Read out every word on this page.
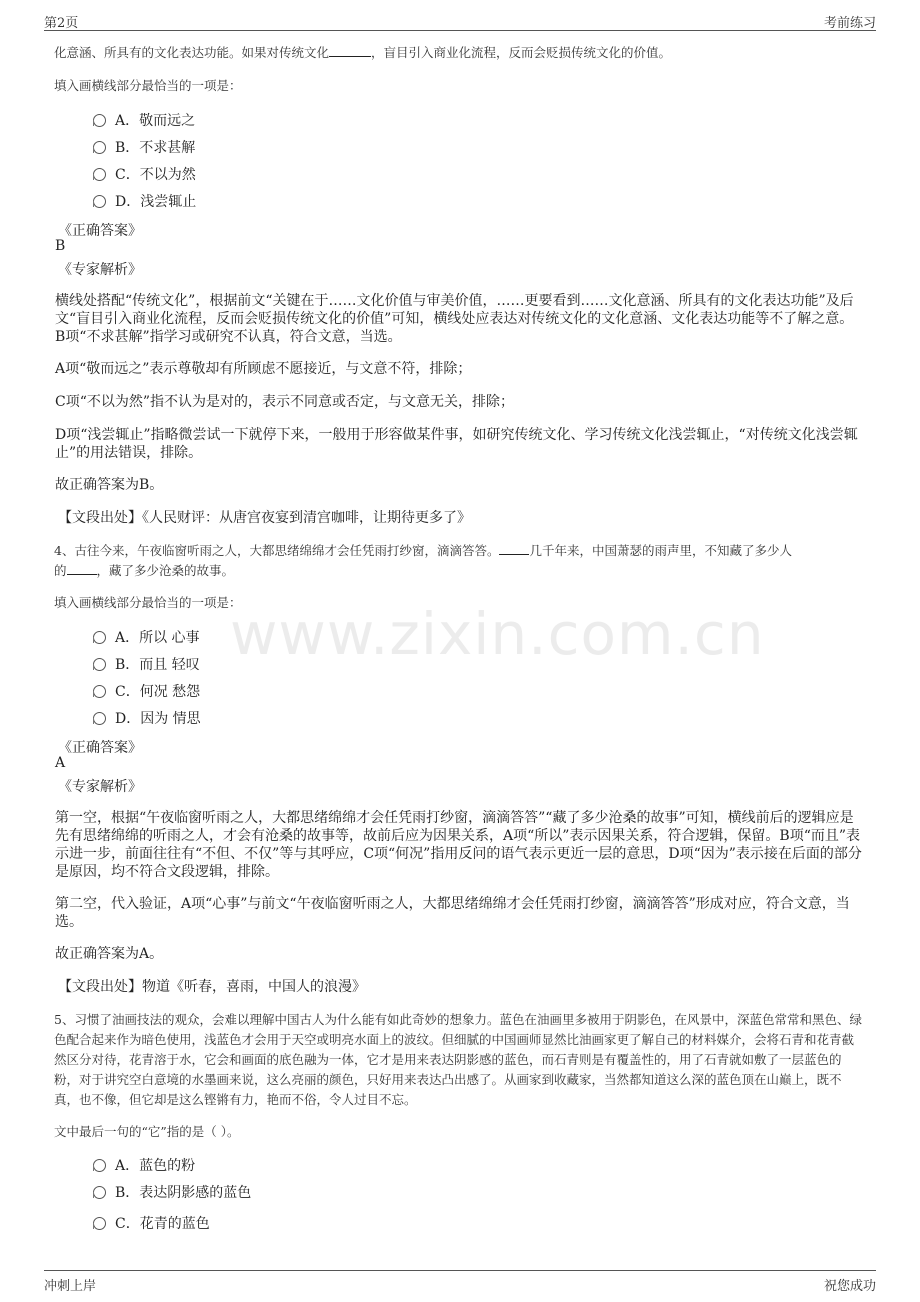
第2页	考前练习
www.zixin.com.cn
化意涵、所具有的文化表达功能。如果对传统文化	，盲目引入商业化流程，反而会贬损传统文化的价值。
填入画横线部分最恰当的一项是：
A．敬而远之
B．不求甚解
C．不以为然
D．浅尝辄止
《正确答案》
B
《专家解析》
横线处搭配“传统文化”，根据前文“关键在于……文化价值与审美价值，……更要看到……文化意涵、所具有的文化表达功能”及后文“盲目引入商业化流程，反而会贬损传统文化的价值”可知，横线处应表达对传统文化的文化意涵、文化表达功能等不了解之意。B项“不求甚解”指学习或研究不认真，符合文意，当选。
A项“敬而远之”表示尊敬却有所顾虑不愿接近，与文意不符，排除；
C项“不以为然”指不认为是对的，表示不同意或否定，与文意无关，排除；
D项“浅尝辄止”指略微尝试一下就停下来，一般用于形容做某件事，如研究传统文化、学习传统文化浅尝辄止，“对传统文化浅尝辄止”的用法错误，排除。
故正确答案为B。
【文段出处】《人民财评：从唐宫夜宴到清宫咖啡，让期待更多了》
4、古往今来，午夜临窗听雨之人，大都思绪绵绵才会任凭雨打纱窗，滴滴答答。 几千年来，中国萧瑟的雨声里，不知藏了多少人
的 ，藏了多少沧桑的故事。
填入画横线部分最恰当的一项是：
A．所以 心事
B．而且 轻叹
C．何况 愁怨
D．因为 情思
《正确答案》
A
《专家解析》
第一空，根据“午夜临窗听雨之人，大都思绪绵绵才会任凭雨打纱窗，滴滴答答”“藏了多少沧桑的故事”可知，横线前后的逻辑应是先有思绪绵绵的听雨之人，才会有沧桑的故事等，故前后应为因果关系，A项“所以”表示因果关系，符合逻辑，保留。B项“而且”表示进一步，前面往往有“不但、不仅”等与其呼应，C项“何况”指用反问的语气表示更近一层的意思，D项“因为”表示接在后面的部分是原因，均不符合文段逻辑，排除。
第二空，代入验证，A项“心事”与前文“午夜临窗听雨之人，大都思绪绵绵才会任凭雨打纱窗，滴滴答答”形成对应，符合文意，当选。
故正确答案为A。
【文段出处】物道《听春，喜雨，中国人的浪漫》
5、习惯了油画技法的观众，会难以理解中国古人为什么能有如此奇妙的想象力。蓝色在油画里多被用于阴影色，在风景中，深蓝色常常和黑色、绿色配合起来作为暗色使用，浅蓝色才会用于天空或明亮水面上的波纹。但细腻的中国画师显然比油画家更了解自己的材料媒介，会将石青和花青截然区分对待，花青溶于水，它会和画面的底色融为一体，它才是用来表达阴影感的蓝色，而石青则是有覆盖性的，用了石青就如敷了一层蓝色的粉，对于讲究空白意境的水墨画来说，这么亮丽的颜色，只好用来表达凸出感了。从画家到收藏家，当然都知道这么深的蓝色顶在山巅上，既不真，也不像，但它却是这么铿锵有力，艳而不俗，令人过目不忘。
文中最后一句的“它”指的是（ ）。
A．蓝色的粉
B．表达阴影感的蓝色
C．花青的蓝色
冲刺上岸	祝您成功
